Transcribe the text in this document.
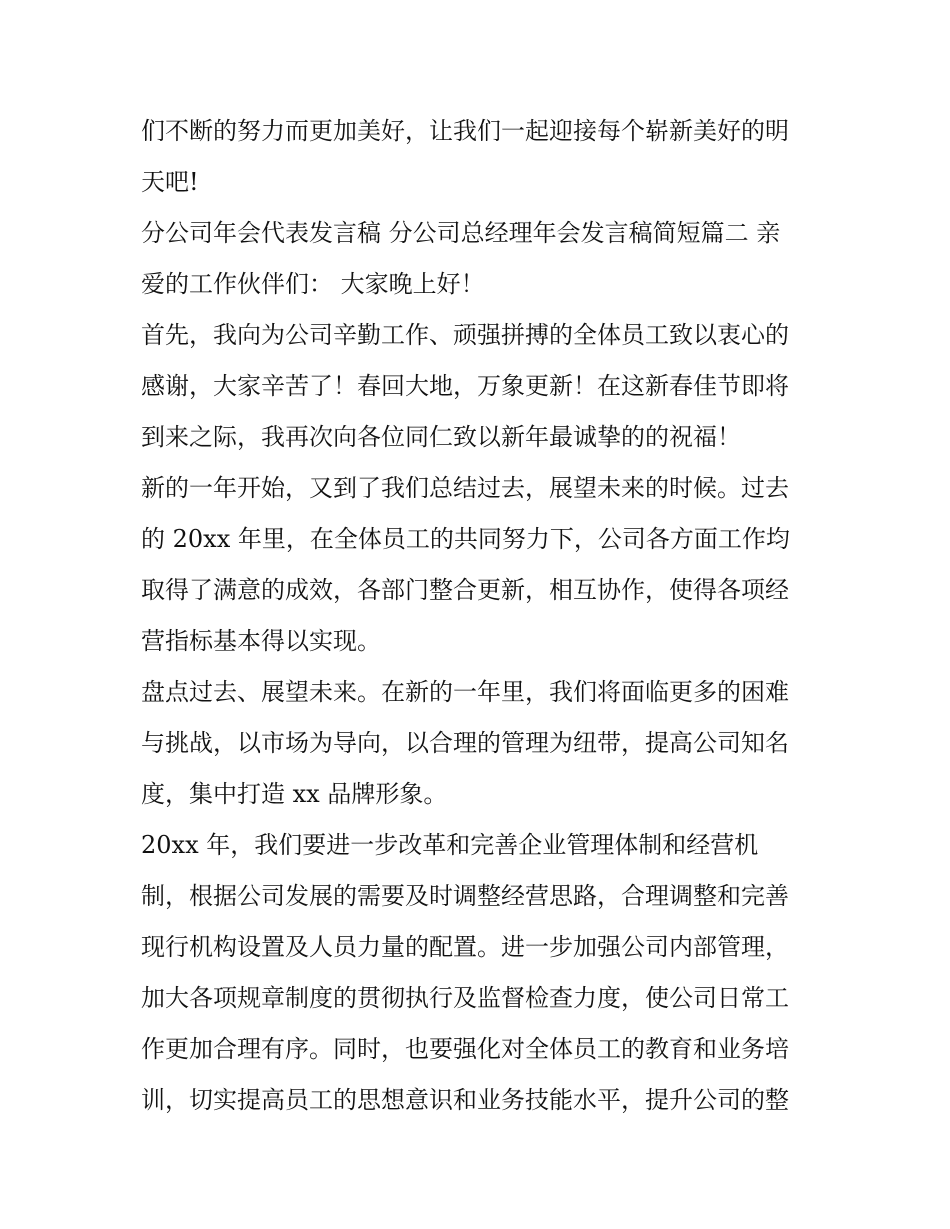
们不断的努力而更加美好，让我们一起迎接每个崭新美好的明
天吧!
分公司年会代表发言稿 分公司总经理年会发言稿简短篇二 亲
爱的工作伙伴们： 大家晚上好！
首先，我向为公司辛勤工作、顽强拼搏的全体员工致以衷心的
感谢，大家辛苦了！春回大地，万象更新！在这新春佳节即将
到来之际，我再次向各位同仁致以新年最诚挚的的祝福！
新的一年开始，又到了我们总结过去，展望未来的时候。过去
的 20xx 年里，在全体员工的共同努力下，公司各方面工作均
取得了满意的成效，各部门整合更新，相互协作，使得各项经
营指标基本得以实现。
盘点过去、展望未来。在新的一年里，我们将面临更多的困难
与挑战，以市场为导向，以合理的管理为纽带，提高公司知名
度，集中打造 xx 品牌形象。
20xx 年，我们要进一步改革和完善企业管理体制和经营机
制，根据公司发展的需要及时调整经营思路，合理调整和完善
现行机构设置及人员力量的配置。进一步加强公司内部管理，
加大各项规章制度的贯彻执行及监督检查力度，使公司日常工
作更加合理有序。同时，也要强化对全体员工的教育和业务培
训，切实提高员工的思想意识和业务技能水平，提升公司的整
